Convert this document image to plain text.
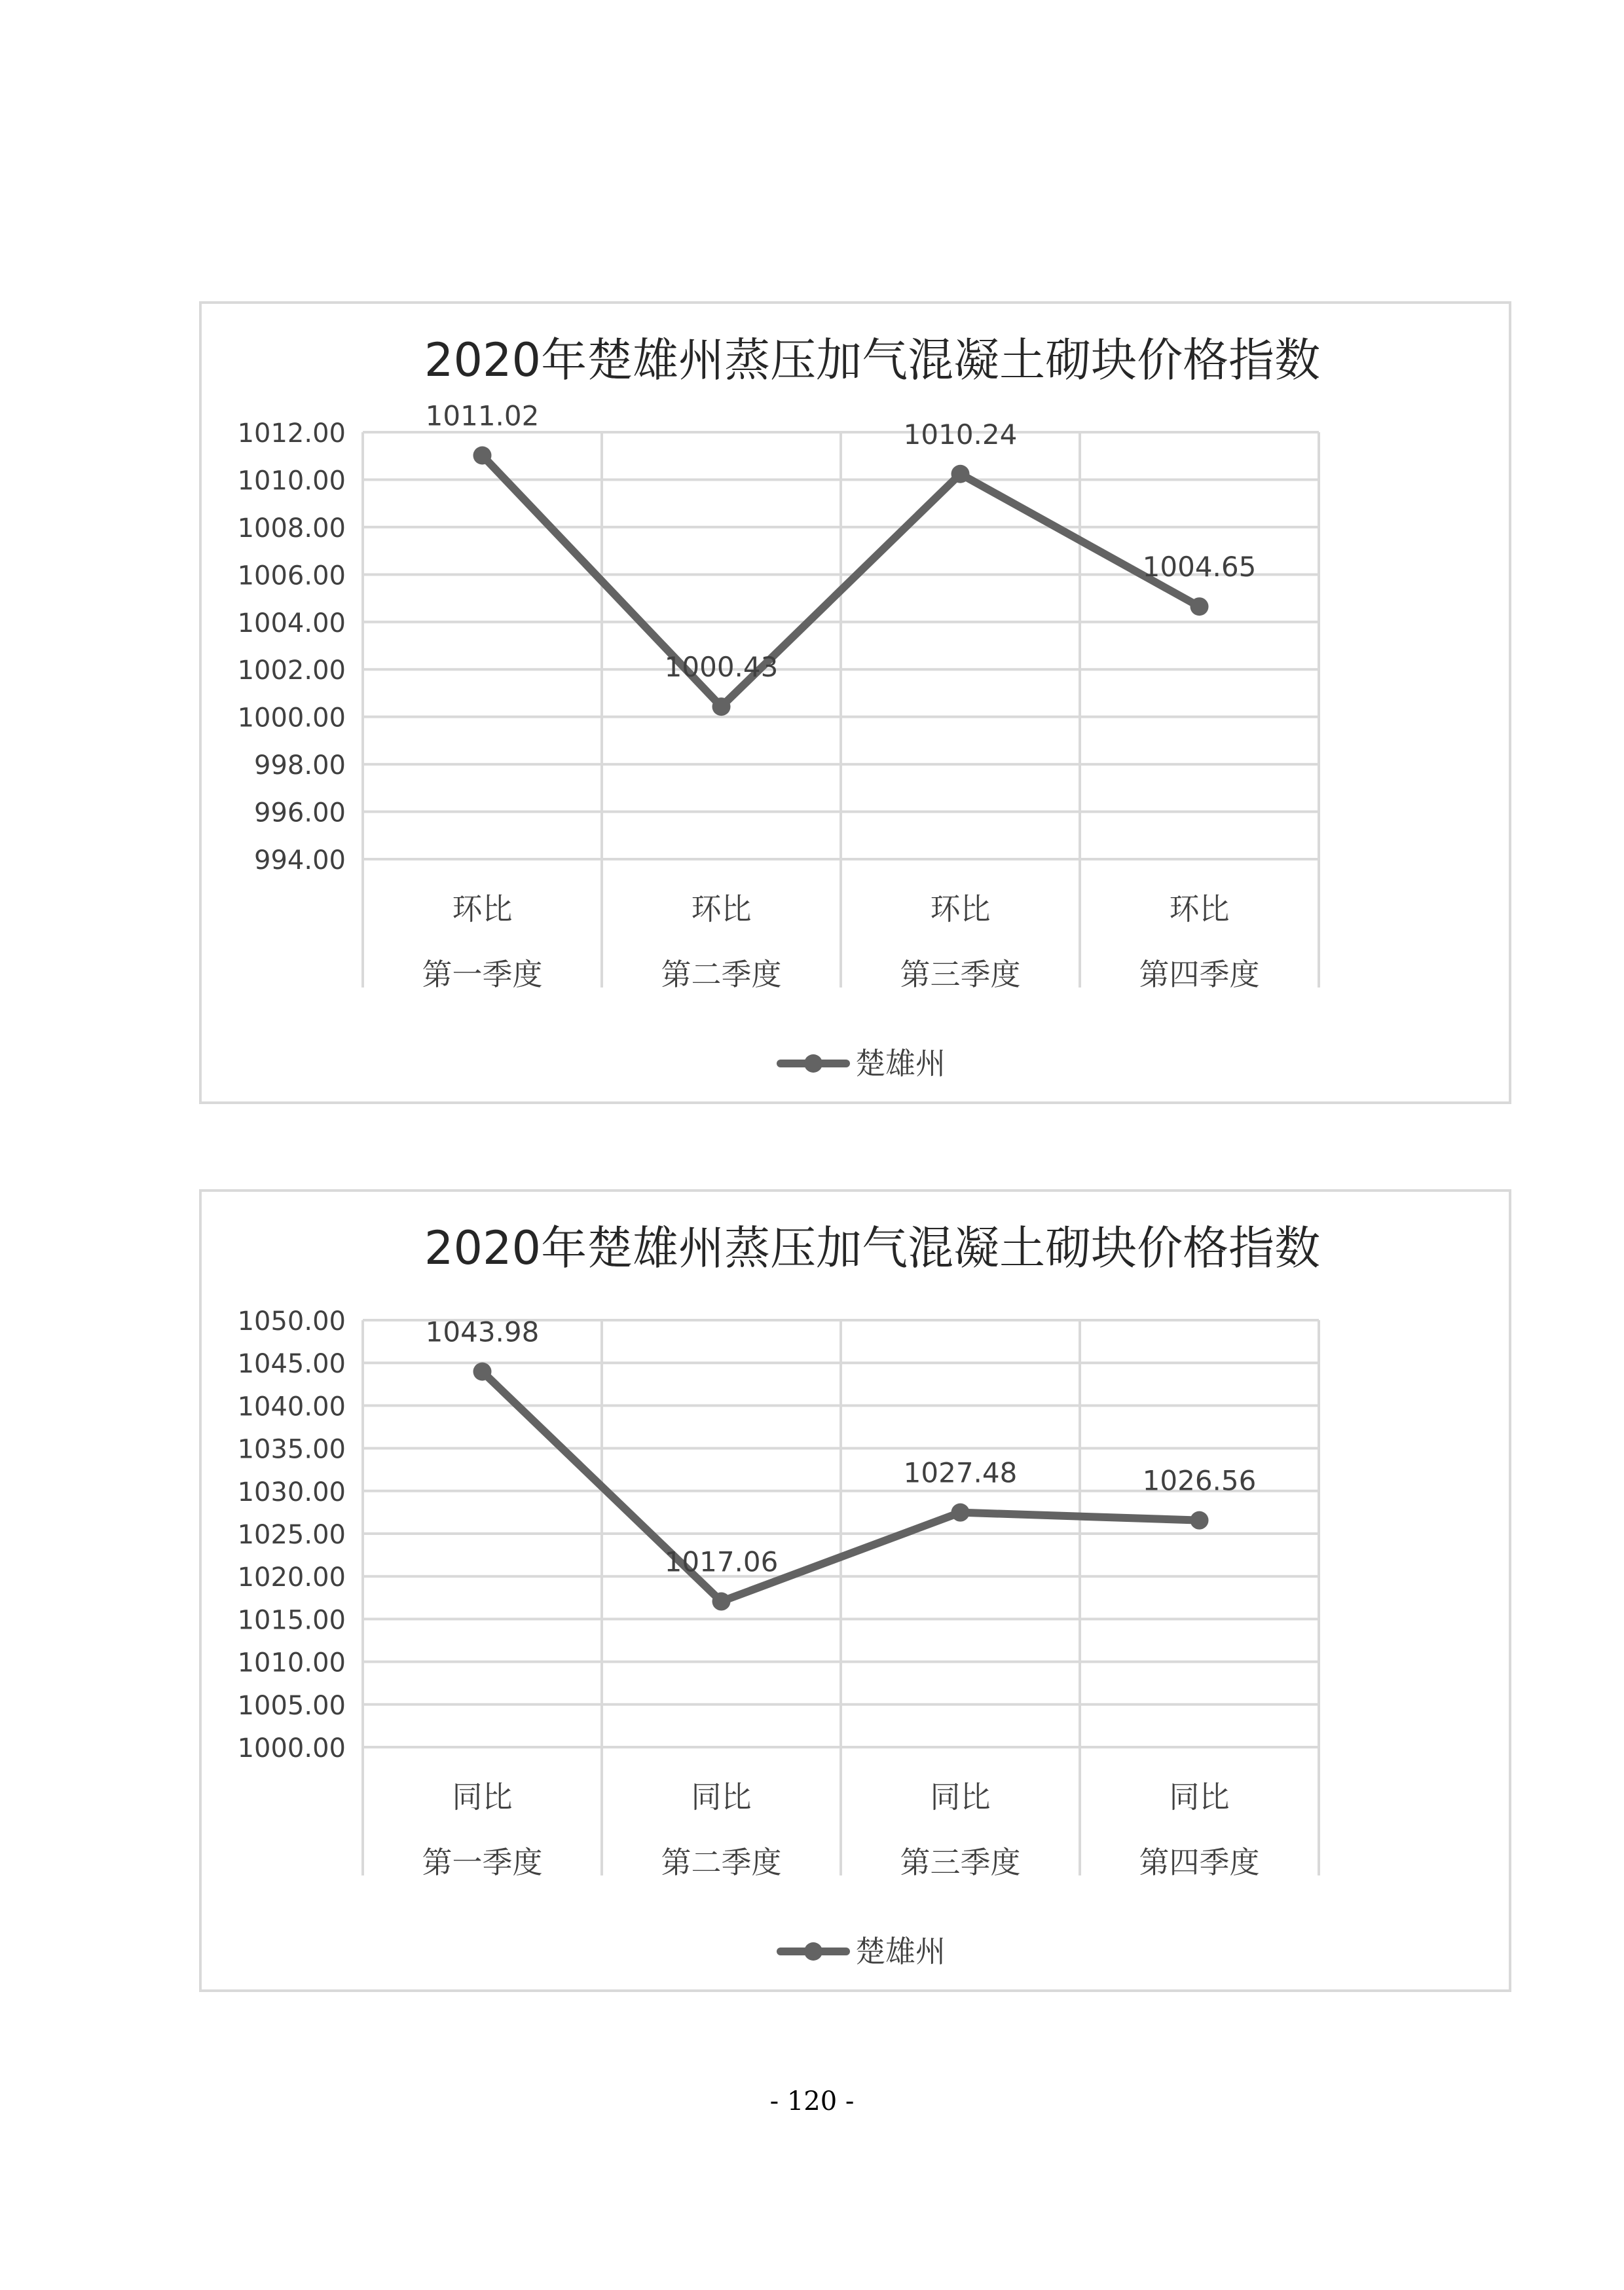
2020年楚雄州蒸压加气混凝土砌块价格指数
994.00
996.00
998.00
1000.00
1002.00
1004.00
1006.00
1008.00
1010.00
1012.00
环比
第一季度
环比
第二季度
环比
第三季度
环比
第四季度
1011.02
1000.43
1010.24
1004.65
楚雄州
2020年楚雄州蒸压加气混凝土砌块价格指数
1000.00
1005.00
1010.00
1015.00
1020.00
1025.00
1030.00
1035.00
1040.00
1045.00
1050.00
同比
第一季度
同比
第二季度
同比
第三季度
同比
第四季度
1043.98
1017.06
1027.48	1026.56
楚雄州
- 120 -
